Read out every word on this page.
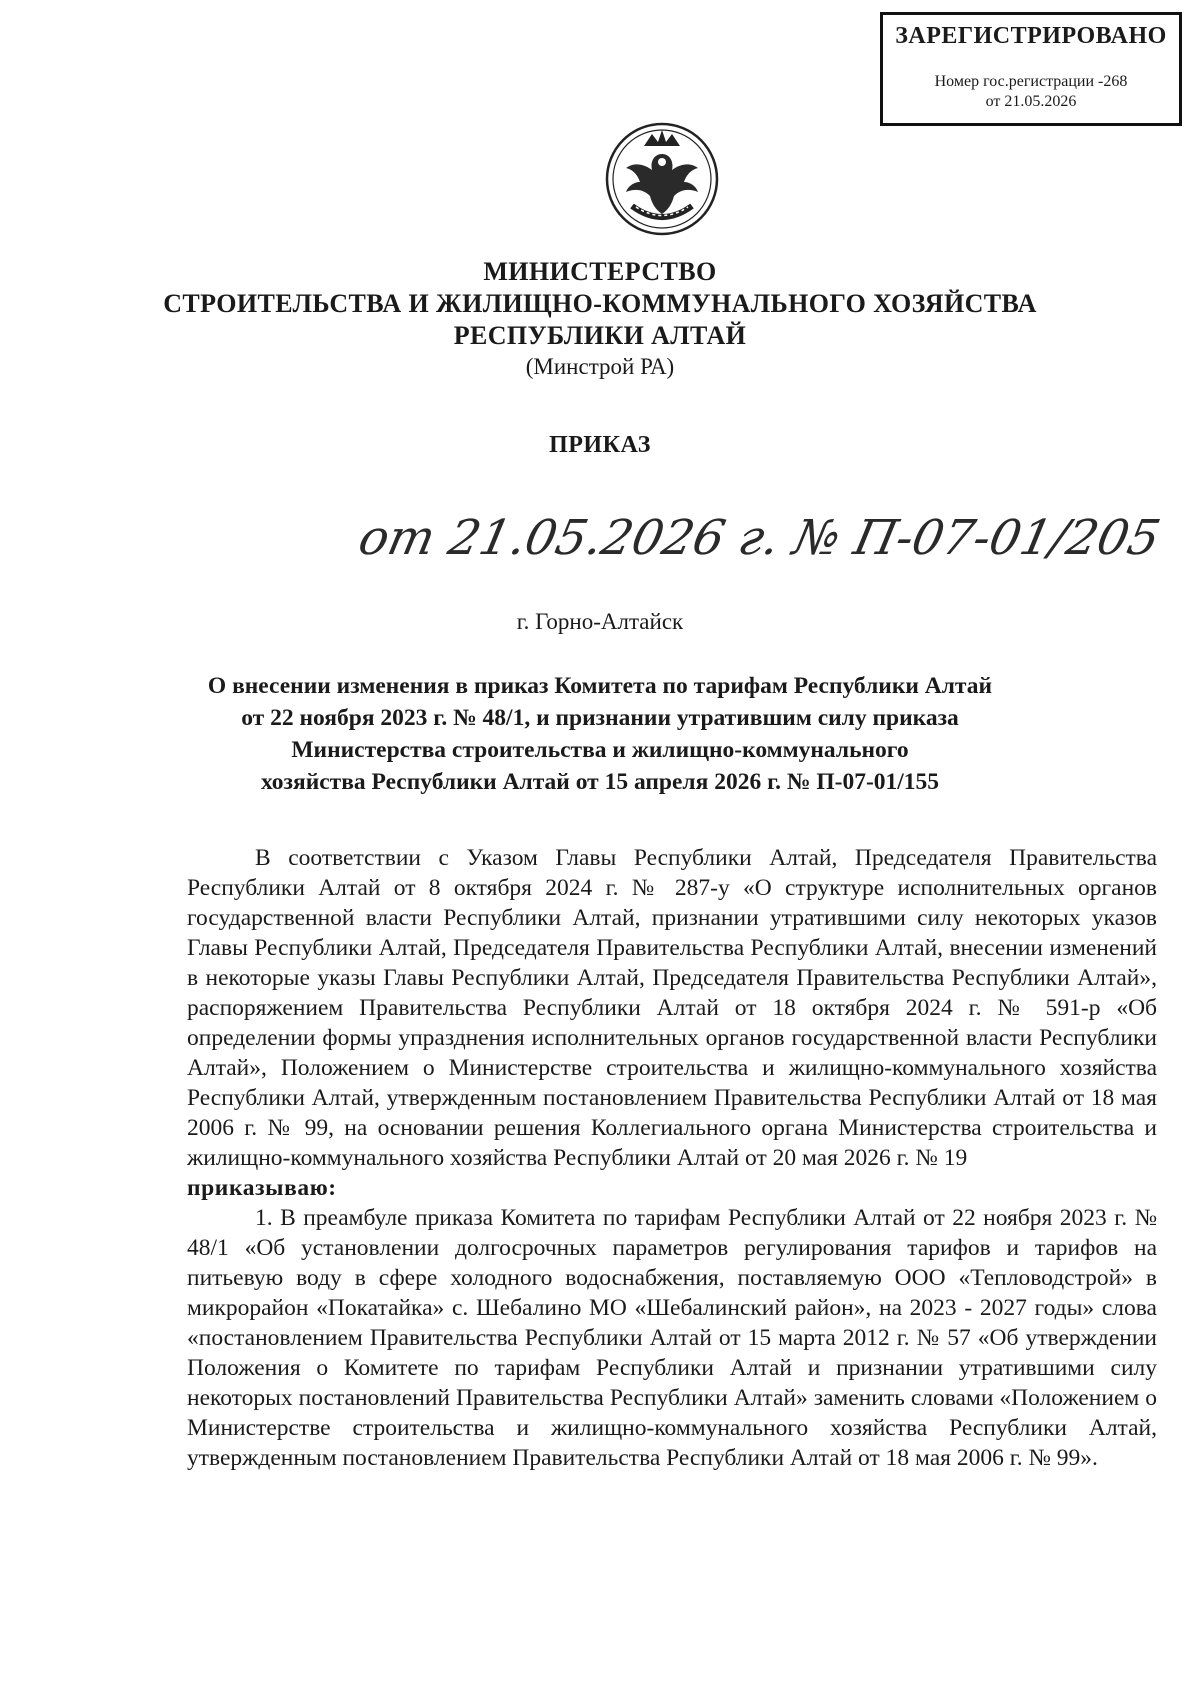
ЗАРЕГИСТРИРОВАНО
Номер гос.регистрации -268
от 21.05.2026
МИНИСТЕРСТВО
СТРОИТЕЛЬСТВА И ЖИЛИЩНО-КОММУНАЛЬНОГО ХОЗЯЙСТВА
РЕСПУБЛИКИ АЛТАЙ
(Минстрой РА)
ПРИКАЗ
от 21.05.2026 г. № П-07-01/205
г. Горно-Алтайск
О внесении изменения в приказ Комитета по тарифам Республики Алтай
от 22 ноября 2023 г. № 48/1, и признании утратившим силу приказа
Министерства строительства и жилищно-коммунального
хозяйства Республики Алтай от 15 апреля 2026 г. № П-07-01/155

В соответствии с Указом Главы Республики Алтай, Председателя Правительства Республики Алтай от 8 октября 2024 г. № 287-у «О структуре исполнительных органов государственной власти Республики Алтай, признании утратившими силу некоторых указов Главы Республики Алтай, Председателя Правительства Республики Алтай, внесении изменений в некоторые указы Главы Республики Алтай, Председателя Правительства Республики Алтай», распоряжением Правительства Республики Алтай от 18 октября 2024 г. № 591-р «Об определении формы упразднения исполнительных органов государственной власти Республики Алтай», Положением о Министерстве строительства и жилищно-коммунального хозяйства Республики Алтай, утвержденным постановлением Правительства Республики Алтай от 18 мая 2006 г. № 99, на основании решения Коллегиального органа Министерства строительства и жилищно-коммунального хозяйства Республики Алтай от 20 мая 2026 г. № 19

приказываю:

1. В преамбуле приказа Комитета по тарифам Республики Алтай от 22 ноября 2023 г. № 48/1 «Об установлении долгосрочных параметров регулирования тарифов и тарифов на питьевую воду в сфере холодного водоснабжения, поставляемую ООО «Тепловодстрой» в микрорайон «Покатайка» с. Шебалино МО «Шебалинский район», на 2023 - 2027 годы» слова «постановлением Правительства Республики Алтай от 15 марта 2012 г. № 57 «Об утверждении Положения о Комитете по тарифам Республики Алтай и признании утратившими силу некоторых постановлений Правительства Республики Алтай» заменить словами «Положением о Министерстве строительства и жилищно-коммунального хозяйства Республики Алтай, утвержденным постановлением Правительства Республики Алтай от 18 мая 2006 г. № 99».
